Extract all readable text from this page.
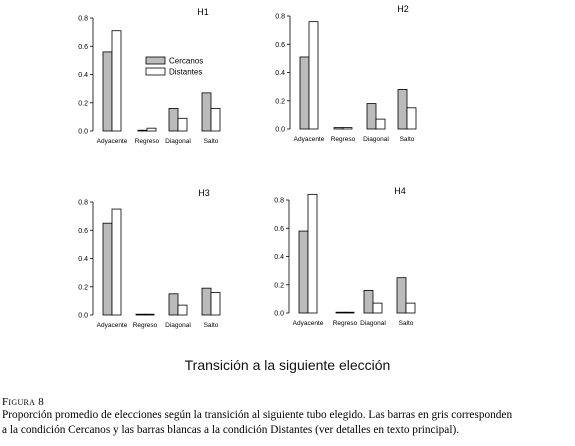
0.0
0.2
0.4
0.6
0.8
Adyacente Regreso Diagonal Salto
H1
Cercanos
Distantes
0.0
0.2
0.4
0.6
0.8
Adyacente Regreso Diagonal Salto
H2
0.0
0.2
0.4
0.6
0.8
Adyacente Regreso Diagonal Salto
H3
0.0
0.2
0.4
0.6
0.8
Adyacente Regreso Diagonal Salto
H4
Transición a la siguiente elección
Figura 8
Proporción promedio de elecciones según la transición al siguiente tubo elegido. Las barras en gris corresponden
a la condición Cercanos y las barras blancas a la condición Distantes (ver detalles en texto principal).
